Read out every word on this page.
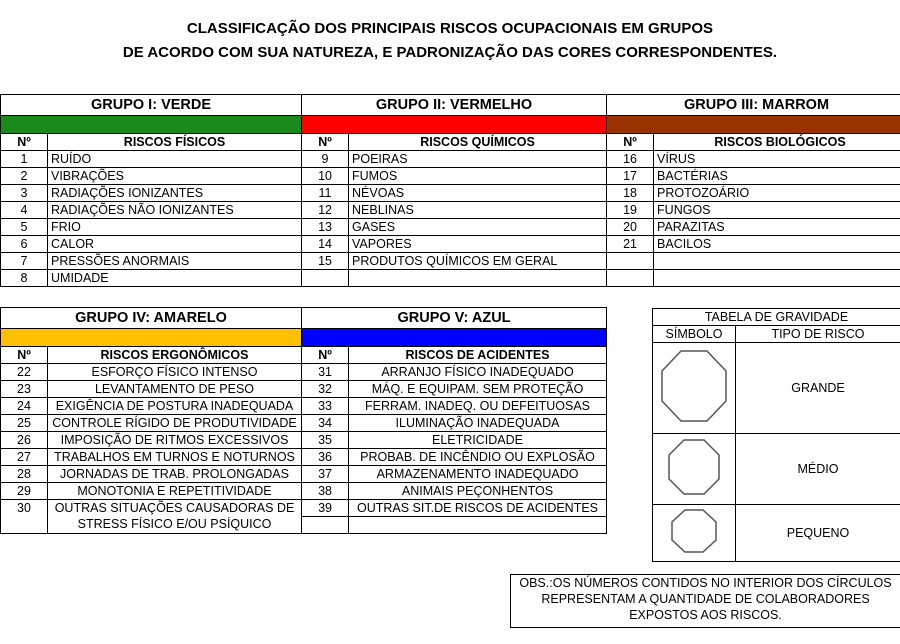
CLASSIFICAÇÃO DOS PRINCIPAIS RISCOS OCUPACIONAIS EM GRUPOS
DE ACORDO COM SUA NATUREZA, E PADRONIZAÇÃO DAS CORES CORRESPONDENTES.
GRUPO I: VERDE		GRUPO II: VERMELHO		GRUPO III: MARROM	

Nº	RISCOS FÍSICOS	Nº	RISCOS QUÍMICOS	Nº	RISCOS BIOLÓGICOS
1	RUÍDO	9	POEIRAS	16	VÍRUS
2	VIBRAÇÕES	10	FUMOS	17	BACTÉRIAS
3	RADIAÇÕES IONIZANTES	11	NÉVOAS	18	PROTOZOÁRIO
4	RADIAÇÕES NÃO IONIZANTES	12	NEBLINAS	19	FUNGOS
5	FRIO	13	GASES	20	PARAZITAS
6	CALOR	14	VAPORES	21	BACILOS
7	PRESSÕES ANORMAIS	15	PRODUTOS QUÍMICOS EM GERAL		
8	UMIDADE				
GRUPO IV: AMARELO		GRUPO V: AZUL	

Nº	RISCOS ERGONÔMICOS	Nº	RISCOS DE ACIDENTES
22	ESFORÇO FÍSICO INTENSO	31	ARRANJO FÍSICO INADEQUADO
23	LEVANTAMENTO DE PESO	32	MÁQ. E EQUIPAM. SEM PROTEÇÃO
24	EXIGÊNCIA DE POSTURA INADEQUADA	33	FERRAM. INADEQ. OU DEFEITUOSAS
25	CONTROLE RÍGIDO DE PRODUTIVIDADE	34	ILUMINAÇÃO INADEQUADA
26	IMPOSIÇÃO DE RITMOS EXCESSIVOS	35	ELETRICIDADE
27	TRABALHOS EM TURNOS E NOTURNOS	36	PROBAB. DE INCÊNDIO OU EXPLOSÃO
28	JORNADAS DE TRAB. PROLONGADAS	37	ARMAZENAMENTO INADEQUADO
29	MONOTONIA E REPETITIVIDADE	38	ANIMAIS PEÇONHENTOS
30	OUTRAS SITUAÇÕES CAUSADORAS DE	39	OUTRAS SIT.DE RISCOS DE ACIDENTES
	STRESS FÍSICO E/OU PSÍQUICO		
TABELA DE GRAVIDADE	
SÍMBOLO	TIPO DE RISCO
	GRANDE
	MÉDIO
	PEQUENO
OBS.:OS NÚMEROS CONTIDOS NO INTERIOR DOS CÍRCULOS
REPRESENTAM A QUANTIDADE DE COLABORADORES
EXPOSTOS AOS RISCOS.
